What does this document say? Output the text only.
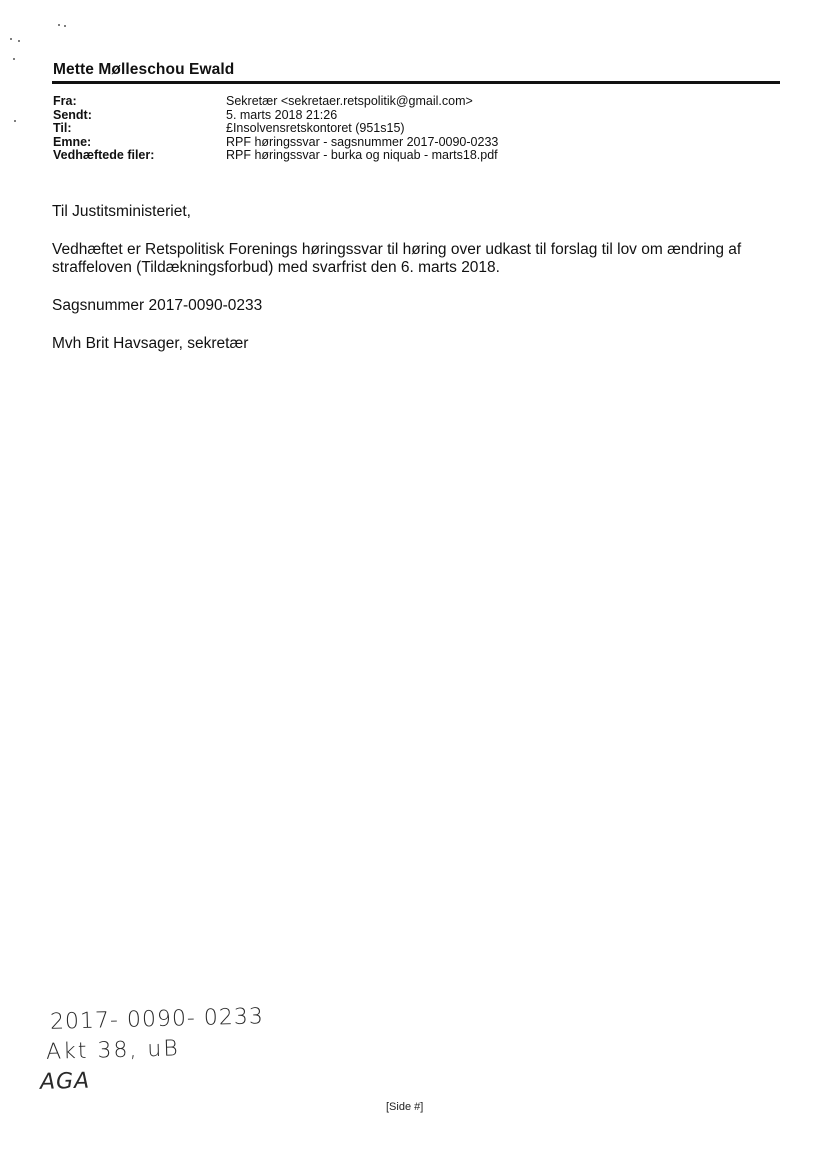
Mette Mølleschou Ewald
Fra:	Sekretær <sekretaer.retspolitik@gmail.com>
Sendt:	5. marts 2018 21:26
Til:	£Insolvensretskontoret (951s15)
Emne:	RPF høringssvar - sagsnummer 2017-0090-0233
Vedhæftede filer:	RPF høringssvar - burka og niquab - marts18.pdf

Til Justitsministeriet,

Vedhæftet er Retspolitisk Forenings høringssvar til høring over udkast til forslag til lov om ændring af straffeloven (Tildækningsforbud) med svarfrist den 6. marts 2018.

Sagsnummer 2017-0090-0233

Mvh Brit Havsager, sekretær

2017- 0090- 0233
Akt 38, uB
AGA
[Side #]
